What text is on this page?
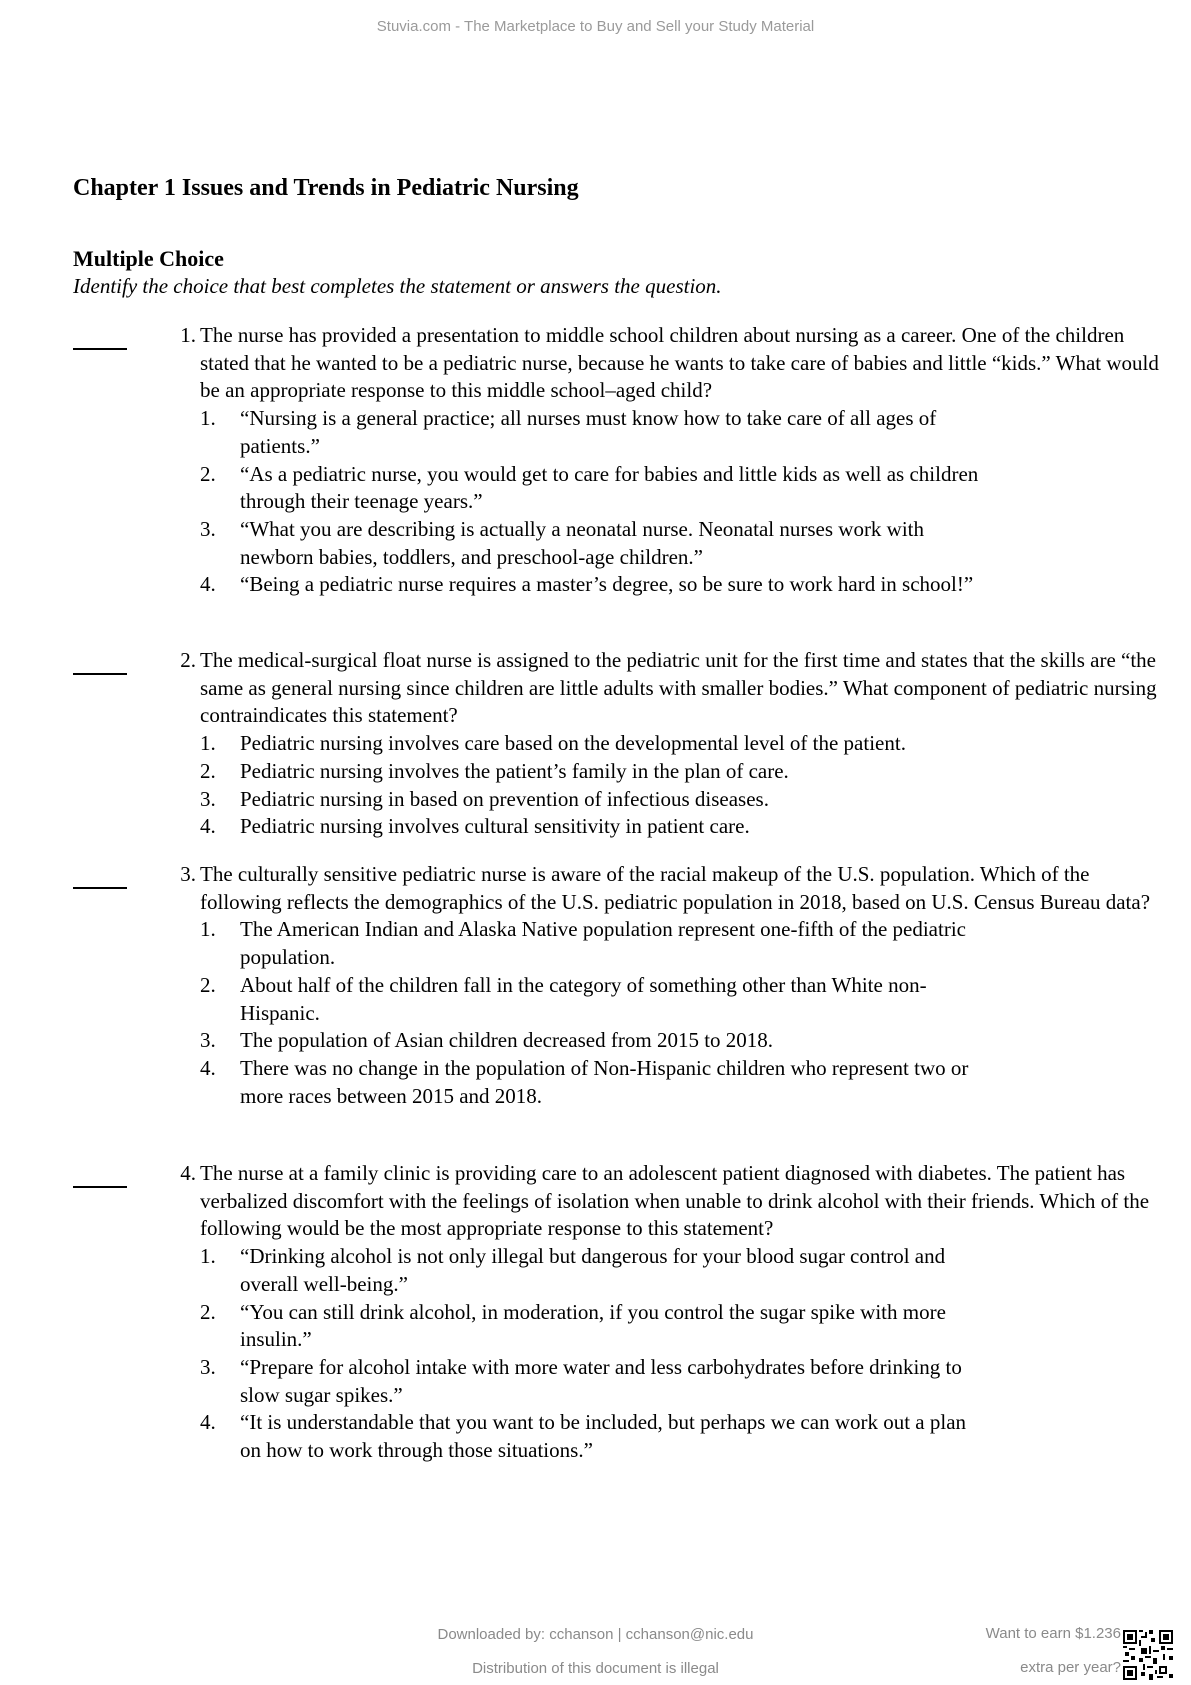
Stuvia.com - The Marketplace to Buy and Sell your Study Material
Chapter 1 Issues and Trends in Pediatric Nursing
Multiple Choice

Identify the choice that best completes the statement or answers the question.

1. The nurse has provided a presentation to middle school children about nursing as a career. One of the children stated that he wanted to be a pediatric nurse, because he wants to take care of babies and little “kids.” What would be an appropriate response to this middle school–aged child?
1.	“Nursing is a general practice; all nurses must know how to take care of all ages of patients.”
2.	“As a pediatric nurse, you would get to care for babies and little kids as well as children through their teenage years.”
3.	“What you are describing is actually a neonatal nurse. Neonatal nurses work with newborn babies, toddlers, and preschool-age children.”
4.	“Being a pediatric nurse requires a master’s degree, so be sure to work hard in school!”
2. The medical-surgical float nurse is assigned to the pediatric unit for the first time and states that the skills are “the same as general nursing since children are little adults with smaller bodies.” What component of pediatric nursing contraindicates this statement?
1.	Pediatric nursing involves care based on the developmental level of the patient.
2.	Pediatric nursing involves the patient’s family in the plan of care.
3.	Pediatric nursing in based on prevention of infectious diseases.
4.	Pediatric nursing involves cultural sensitivity in patient care.
3. The culturally sensitive pediatric nurse is aware of the racial makeup of the U.S. population. Which of the following reflects the demographics of the U.S. pediatric population in 2018, based on U.S. Census Bureau data?
1.	The American Indian and Alaska Native population represent one-fifth of the pediatric population.
2.	About half of the children fall in the category of something other than White non-Hispanic.
3.	The population of Asian children decreased from 2015 to 2018.
4.	There was no change in the population of Non-Hispanic children who represent two or more races between 2015 and 2018.
4. The nurse at a family clinic is providing care to an adolescent patient diagnosed with diabetes. The patient has verbalized discomfort with the feelings of isolation when unable to drink alcohol with their friends. Which of the following would be the most appropriate response to this statement?
1.	“Drinking alcohol is not only illegal but dangerous for your blood sugar control and overall well-being.”
2.	“You can still drink alcohol, in moderation, if you control the sugar spike with more insulin.”
3.	“Prepare for alcohol intake with more water and less carbohydrates before drinking to slow sugar spikes.”
4.	“It is understandable that you want to be included, but perhaps we can work out a plan on how to work through those situations.”
Downloaded by: cchanson | cchanson@nic.edu
Distribution of this document is illegal
Want to earn $1.236
extra per year?
